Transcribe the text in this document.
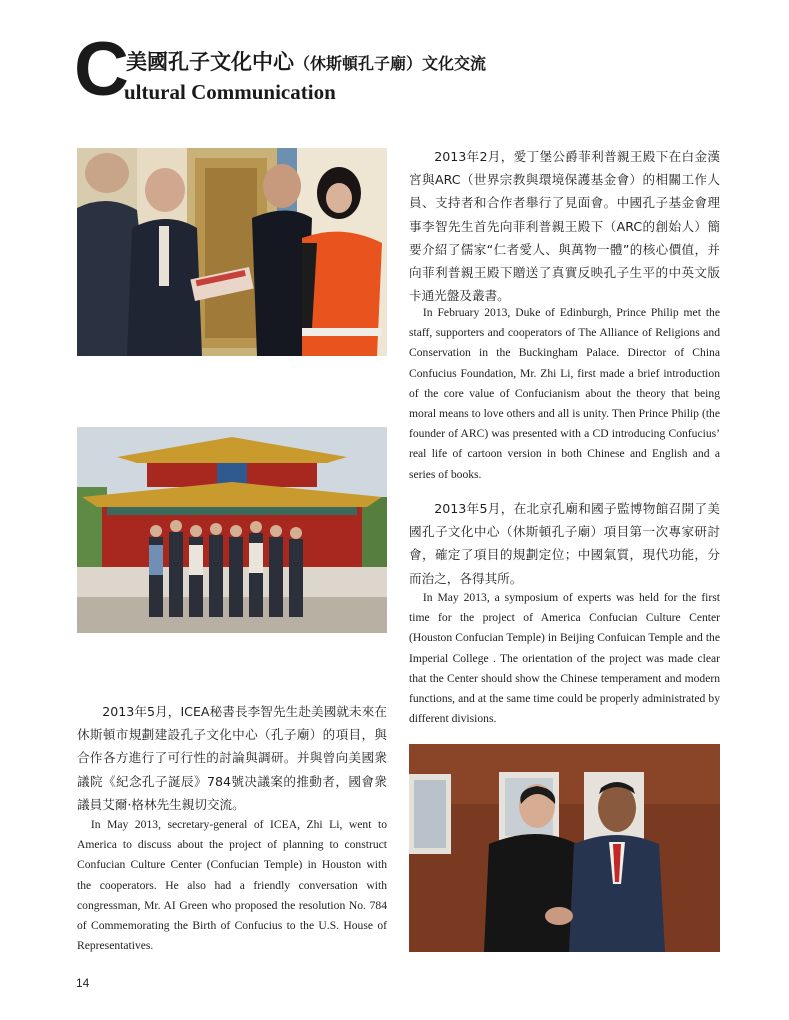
C
美國孔子文化中心（休斯頓孔子廟）文化交流
ultural Communication
2013年2月，愛丁堡公爵菲利普親王殿下在白金漢宮與ARC（世界宗教與環境保護基金會）的相關工作人員、支持者和合作者舉行了見面會。中國孔子基金會理事李智先生首先向菲利普親王殿下（ARC的創始人）簡要介紹了儒家“仁者愛人、與萬物一體”的核心價值，并向菲利普親王殿下贈送了真實反映孔子生平的中英文版卡通光盤及叢書。
In February 2013, Duke of Edinburgh, Prince Philip met the staff, supporters and cooperators of The Alliance of Religions and Conservation in the Buckingham Palace. Director of China Confucius Foundation, Mr. Zhi Li, first made a brief introduction of the core value of Confucianism about the theory that being moral means to love others and all is unity. Then Prince Philip (the founder of ARC) was presented with a CD introducing Confucius’ real life of cartoon version in both Chinese and English and a series of books.
2013年5月，在北京孔廟和國子監博物館召開了美國孔子文化中心（休斯頓孔子廟）項目第一次專家研討會，確定了項目的規劃定位；中國氣質，現代功能，分而治之，各得其所。
In May 2013, a symposium of experts was held for the first time for the project of America Confucian Culture Center (Houston Confucian Temple) in Beijing Confuican Temple and the Imperial College . The orientation of the project was made clear that the Center should show the Chinese temperament and modern functions, and at the same time could be properly administrated by different divisions.
2013年5月，ICEA秘書長李智先生赴美國就未來在休斯頓市規劃建設孔子文化中心（孔子廟）的項目，與合作各方進行了可行性的討論與調研。并與曾向美國衆議院《紀念孔子誕辰》784號决議案的推動者，國會衆議員艾爾·格林先生親切交流。
In May 2013, secretary-general of ICEA, Zhi Li, went to America to discuss about the project of planning to construct Confucian Culture Center (Confucian Temple) in Houston with the cooperators. He also had a friendly conversation with congressman, Mr. AI Green who proposed the resolution No. 784 of Commemorating the Birth of Confucius to the U.S. House of Representatives.
14
